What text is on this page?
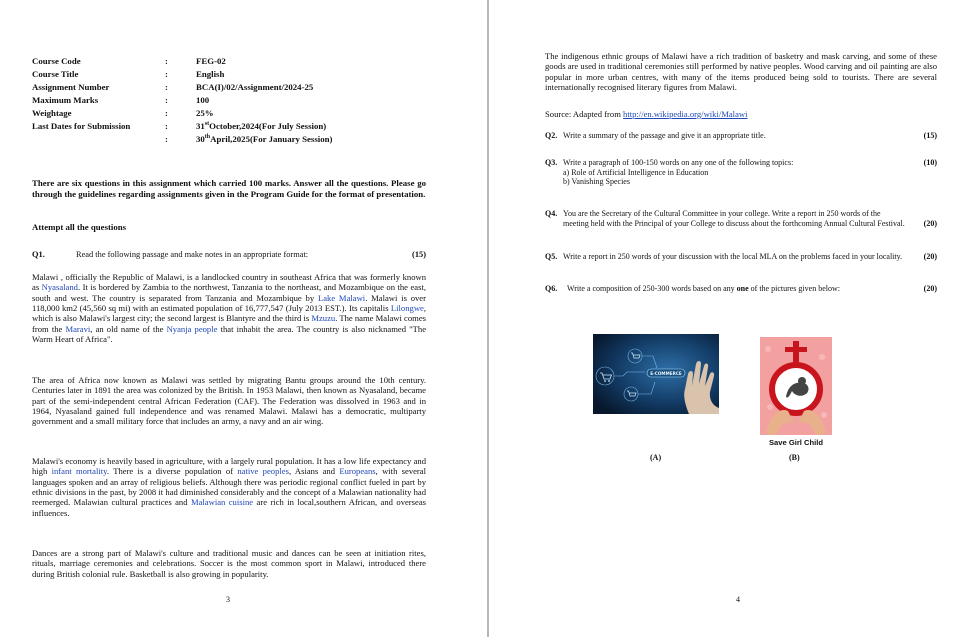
Course Code	:	FEG-02
Course Title	:	English
Assignment Number	:	BCA(I)/02/Assignment/2024-25
Maximum Marks	:	100
Weightage	:	25%
Last Dates for Submission	:	31stOctober,2024(For July Session)
:	30thApril,2025(For January Session)
There are six questions in this assignment which carried 100 marks. Answer all the questions. Please go through the guidelines regarding assignments given in the Program Guide for the format of presentation.
Attempt all the questions
Q1.	Read the following passage and make notes in an appropriate format:	(15)
Malawi , officially the Republic of Malawi, is a landlocked country in southeast Africa that was formerly known as Nyasaland. It is bordered by Zambia to the northwest, Tanzania to the northeast, and Mozambique on the east, south and west. The country is separated from Tanzania and Mozambique by Lake Malawi. Malawi is over 118,000 km2 (45,560 sq mi) with an estimated population of 16,777,547 (July 2013 EST.). Its capitalis Lilongwe, which is also Malawi's largest city; the second largest is Blantyre and the third is Mzuzu. The name Malawi comes from the Maravi, an old name of the Nyanja people that inhabit the area. The country is also nicknamed "The Warm Heart of Africa".
The area of Africa now known as Malawi was settled by migrating Bantu groups around the 10th century. Centuries later in 1891 the area was colonized by the British. In 1953 Malawi, then known as Nyasaland, became part of the semi-independent central African Federation (CAF). The Federation was dissolved in 1963 and in 1964, Nyasaland gained full independence and was renamed Malawi. Malawi has a democratic, multiparty government and a small military force that includes an army, a navy and an air wing.
Malawi's economy is heavily based in agriculture, with a largely rural population. It has a low life expectancy and high infant mortality. There is a diverse population of native peoples, Asians and Europeans, with several languages spoken and an array of religious beliefs. Although there was periodic regional conflict fueled in part by ethnic divisions in the past, by 2008 it had diminished considerably and the concept of a Malawian nationality had reemerged. Malawian cultural practices and Malawian cuisine are rich in local,southern African, and overseas influences.
Dances are a strong part of Malawi's culture and traditional music and dances can be seen at initiation rites, rituals, marriage ceremonies and celebrations. Soccer is the most common sport in Malawi, introduced there during British colonial rule. Basketball is also growing in popularity.
3
The indigenous ethnic groups of Malawi have a rich tradition of basketry and mask carving, and some of these goods are used in traditional ceremonies still performed by native peoples. Wood carving and oil painting are also popular in more urban centres, with many of the items produced being sold to tourists. There are several internationally recognised literary figures from Malawi.
Source: Adapted from http://en.wikipedia.org/wiki/Malawi
Q2. Write a summary of the passage and give it an appropriate title.	(15)
Q3. Write a paragraph of 100-150 words on any one of the following topics:
a) Role of Artificial Intelligence in Education
b) Vanishing Species
(10)
Q4. You are the Secretary of the Cultural Committee in your college. Write a report in 250 words of the meeting held with the Principal of your College to discuss about the forthcoming Annual Cultural Festival.	(20)
Q5. Write a report in 250 words of your discussion with the local MLA on the problems faced in your locality.	(20)
Q6.	Write a composition of 250-300 words based on any one of the pictures given below:	(20)
4
E-COMMERCE
(A)
Save Girl Child
(B)
